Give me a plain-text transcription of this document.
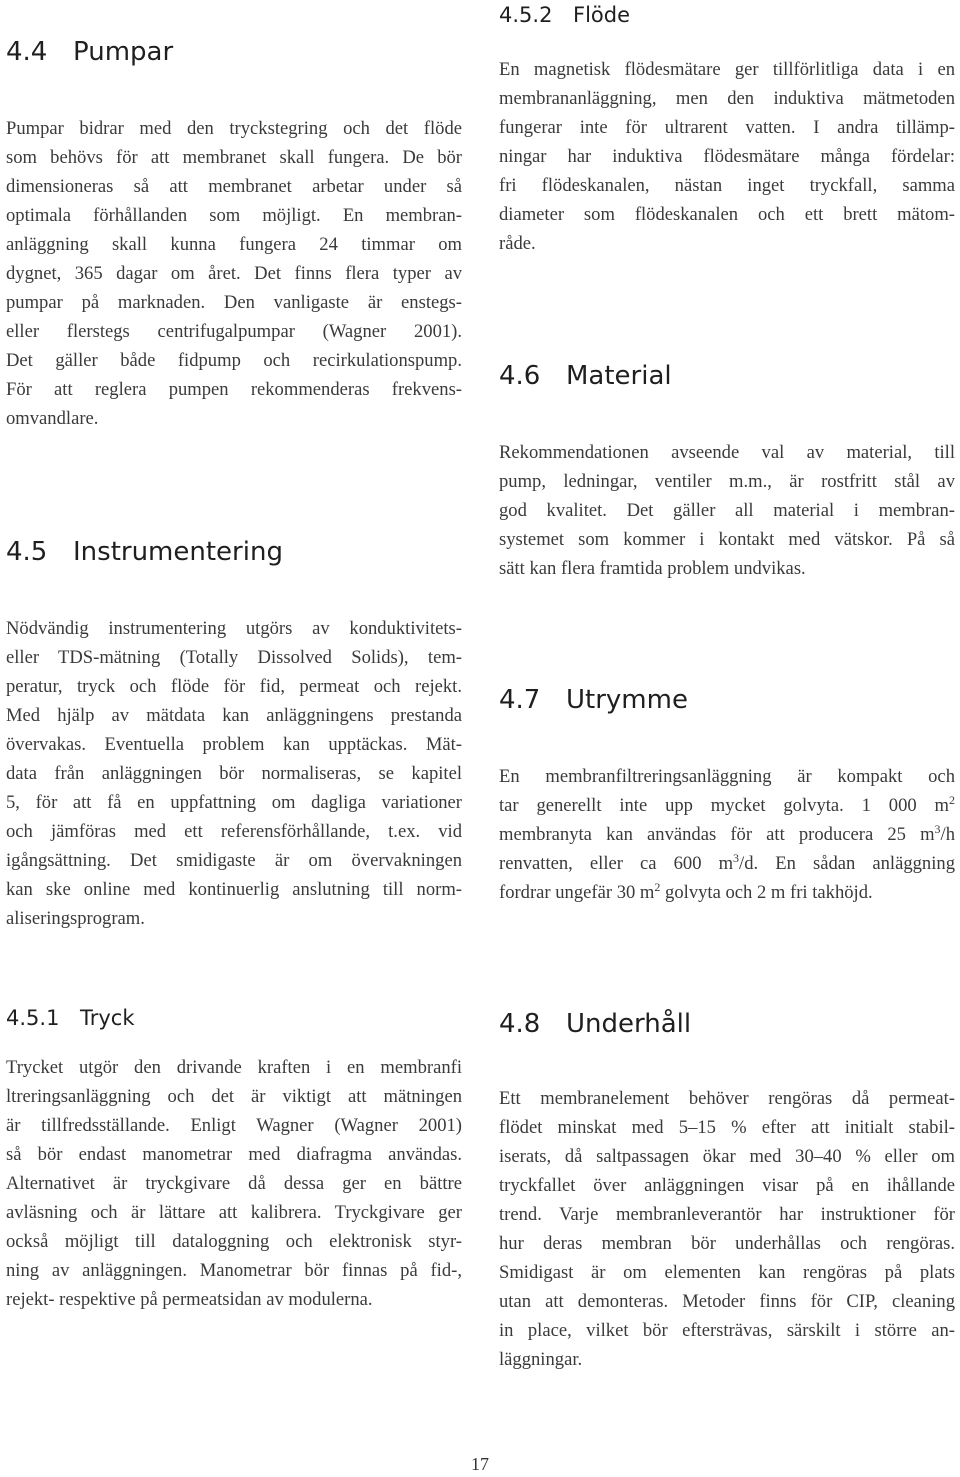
4.4 Pumpar
Pumpar bidrar med den tryckstegring och det flöde
som behövs för att membranet skall fungera. De bör
dimensioneras så att membranet arbetar under så
optimala förhållanden som möjligt. En membran-
anläggning skall kunna fungera 24 timmar om
dygnet, 365 dagar om året. Det finns flera typer av
pumpar på marknaden. Den vanligaste är enstegs-
eller flerstegs centrifugalpumpar (Wagner 2001).
Det gäller både fidpump och recirkulationspump.
För att reglera pumpen rekommenderas frekvens-
omvandlare.
4.5 Instrumentering
Nödvändig instrumentering utgörs av konduktivitets-
eller TDS-mätning (Totally Dissolved Solids), tem-
peratur, tryck och flöde för fid, permeat och rejekt.
Med hjälp av mätdata kan anläggningens prestanda
övervakas. Eventuella problem kan upptäckas. Mät-
data från anläggningen bör normaliseras, se kapitel
5, för att få en uppfattning om dagliga variationer
och jämföras med ett referensförhållande, t.ex. vid
igångsättning. Det smidigaste är om övervakningen
kan ske online med kontinuerlig anslutning till norm-
aliseringsprogram.
4.5.1 Tryck
Trycket utgör den drivande kraften i en membranfi
ltreringsanläggning och det är viktigt att mätningen
är tillfredsställande. Enligt Wagner (Wagner 2001)
så bör endast manometrar med diafragma användas.
Alternativet är tryckgivare då dessa ger en bättre
avläsning och är lättare att kalibrera. Tryckgivare ger
också möjligt till dataloggning och elektronisk styr-
ning av anläggningen. Manometrar bör finnas på fid-,
rejekt- respektive på permeatsidan av modulerna.
4.5.2 Flöde
En magnetisk flödesmätare ger tillförlitliga data i en
membrananläggning, men den induktiva mätmetoden
fungerar inte för ultrarent vatten. I andra tillämp-
ningar har induktiva flödesmätare många fördelar:
fri flödeskanalen, nästan inget tryckfall, samma
diameter som flödeskanalen och ett brett mätom-
råde.
4.6 Material
Rekommendationen avseende val av material, till
pump, ledningar, ventiler m.m., är rostfritt stål av
god kvalitet. Det gäller all material i membran-
systemet som kommer i kontakt med vätskor. På så
sätt kan flera framtida problem undvikas.
4.7 Utrymme
En membranfiltreringsanläggning är kompakt och
tar generellt inte upp mycket golvyta. 1 000 $m^2$
membranyta kan användas för att producera 25 $m^3/h$
renvatten, eller ca 600 $m^3/d$. En sådan anläggning
fordrar ungefär 30 $m^2$ golvyta och 2 m fri takhöjd.
4.8 Underhåll
Ett membranelement behöver rengöras då permeat-
flödet minskat med 5–15 % efter att initialt stabil-
iserats, då saltpassagen ökar med 30–40 % eller om
tryckfallet över anläggningen visar på en ihållande
trend. Varje membranleverantör har instruktioner för
hur deras membran bör underhållas och rengöras.
Smidigast är om elementen kan rengöras på plats
utan att demonteras. Metoder finns för CIP, cleaning
in place, vilket bör eftersträvas, särskilt i större an-
läggningar.
17
